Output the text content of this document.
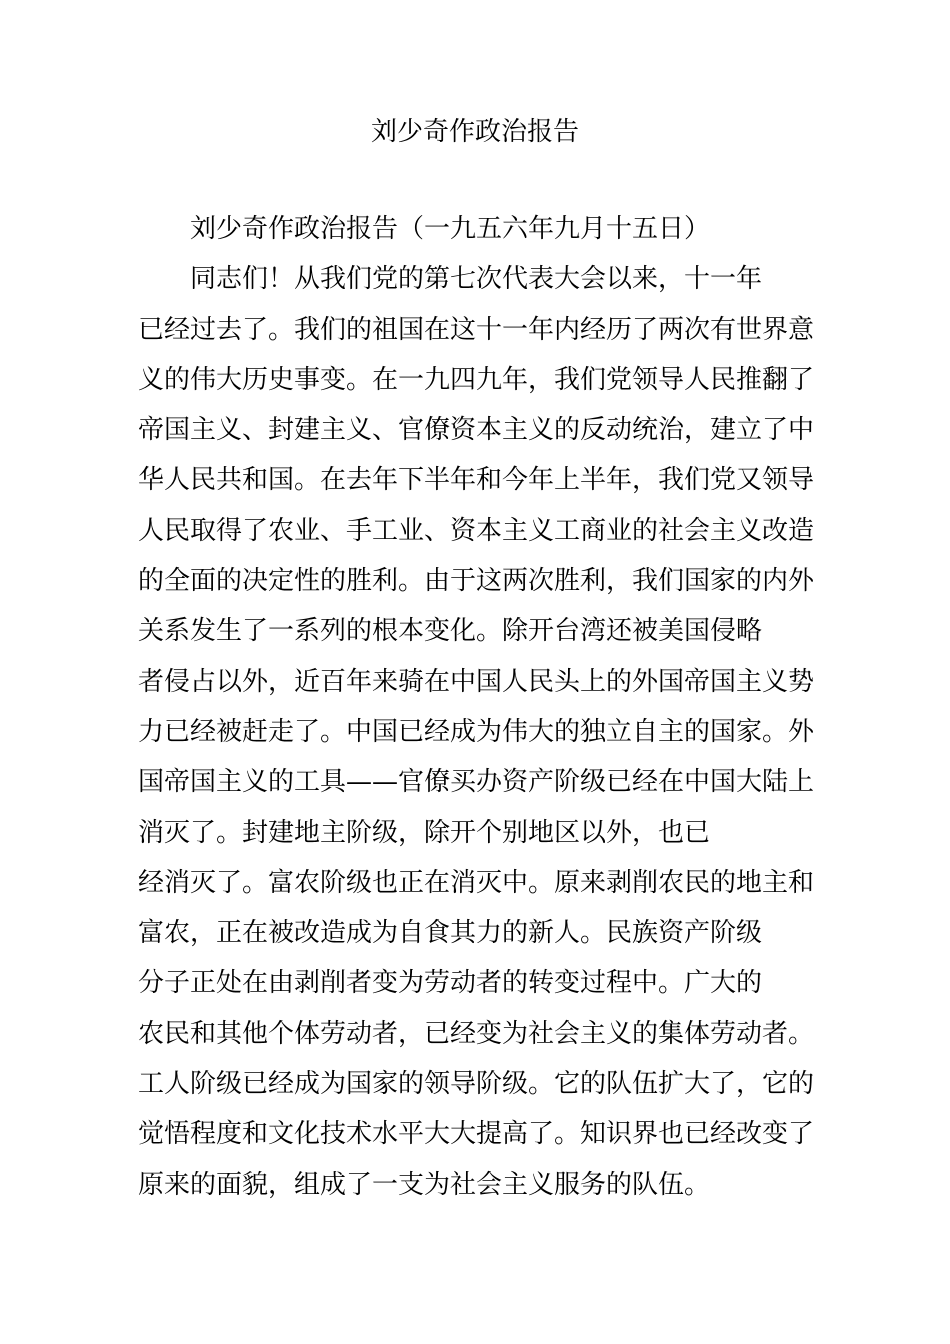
刘少奇作政治报告
刘少奇作政治报告（一九五六年九月十五日）
同志们！从我们党的第七次代表大会以来，十一年
已经过去了。我们的祖国在这十一年内经历了两次有世界意
义的伟大历史事变。在一九四九年，我们党领导人民推翻了
帝国主义、封建主义、官僚资本主义的反动统治，建立了中
华人民共和国。在去年下半年和今年上半年，我们党又领导
人民取得了农业、手工业、资本主义工商业的社会主义改造
的全面的决定性的胜利。由于这两次胜利，我们国家的内外
关系发生了一系列的根本变化。除开台湾还被美国侵略
者侵占以外，近百年来骑在中国人民头上的外国帝国主义势
力已经被赶走了。中国已经成为伟大的独立自主的国家。外
国帝国主义的工具——官僚买办资产阶级已经在中国大陆上
消灭了。封建地主阶级，除开个别地区以外，也已
经消灭了。富农阶级也正在消灭中。原来剥削农民的地主和
富农，正在被改造成为自食其力的新人。民族资产阶级
分子正处在由剥削者变为劳动者的转变过程中。广大的
农民和其他个体劳动者，已经变为社会主义的集体劳动者。
工人阶级已经成为国家的领导阶级。它的队伍扩大了，它的
觉悟程度和文化技术水平大大提高了。知识界也已经改变了
原来的面貌，组成了一支为社会主义服务的队伍。
